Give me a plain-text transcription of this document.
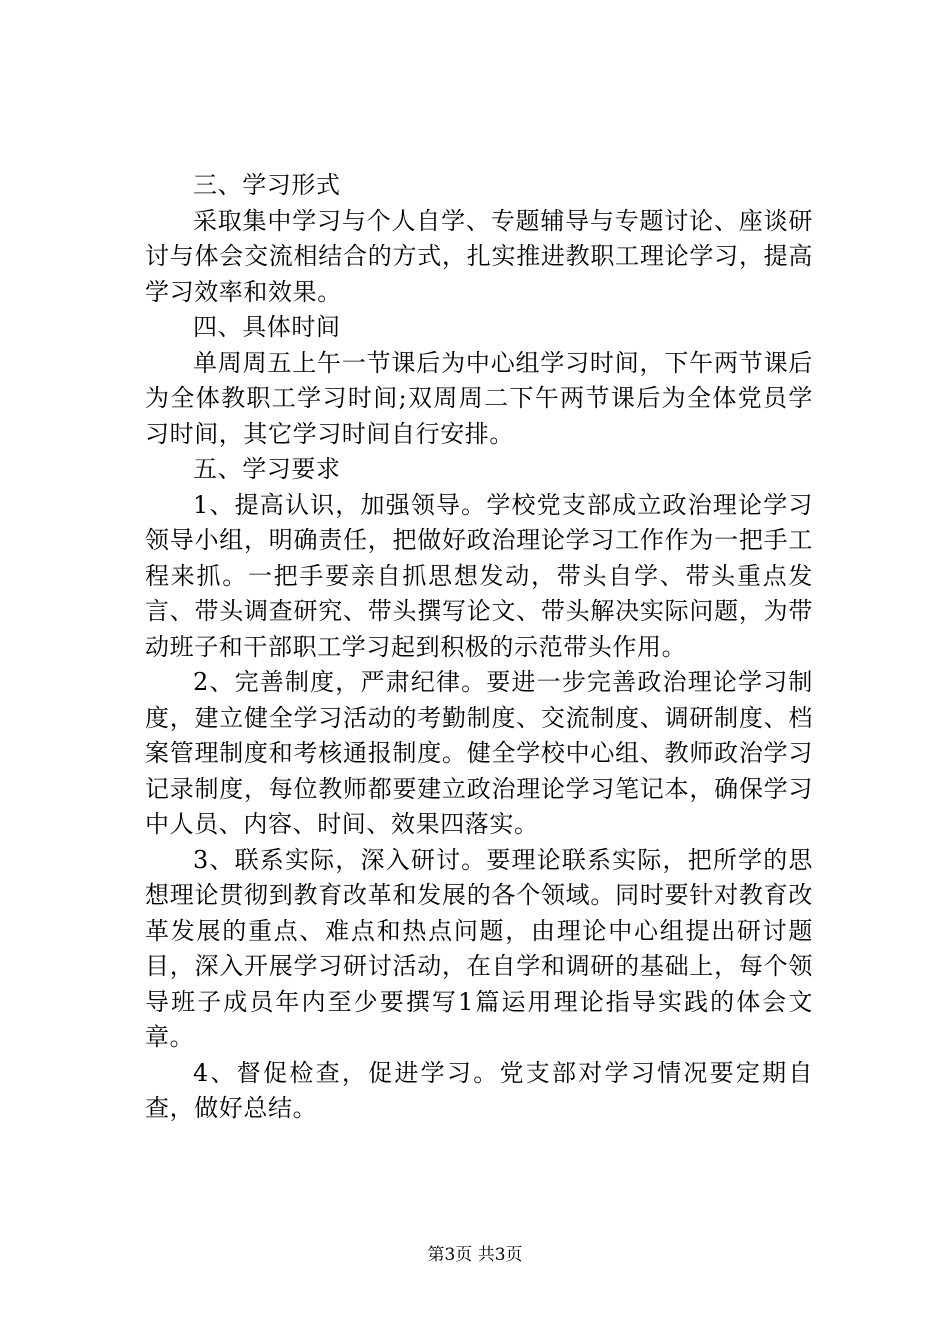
三、学习形式

采取集中学习与个人自学、专题辅导与专题讨论、座谈研讨与体会交流相结合的方式，扎实推进教职工理论学习，提高学习效率和效果。

四、具体时间

单周周五上午一节课后为中心组学习时间，下午两节课后为全体教职工学习时间;双周周二下午两节课后为全体党员学习时间，其它学习时间自行安排。

五、学习要求

1、提高认识，加强领导。学校党支部成立政治理论学习领导小组，明确责任，把做好政治理论学习工作作为一把手工程来抓。一把手要亲自抓思想发动，带头自学、带头重点发言、带头调查研究、带头撰写论文、带头解决实际问题，为带动班子和干部职工学习起到积极的示范带头作用。

2、完善制度，严肃纪律。要进一步完善政治理论学习制度，建立健全学习活动的考勤制度、交流制度、调研制度、档案管理制度和考核通报制度。健全学校中心组、教师政治学习记录制度，每位教师都要建立政治理论学习笔记本，确保学习中人员、内容、时间、效果四落实。

3、联系实际，深入研讨。要理论联系实际，把所学的思想理论贯彻到教育改革和发展的各个领域。同时要针对教育改革发展的重点、难点和热点问题，由理论中心组提出研讨题目，深入开展学习研讨活动，在自学和调研的基础上，每个领导班子成员年内至少要撰写1篇运用理论指导实践的体会文章。

4、督促检查，促进学习。党支部对学习情况要定期自查，做好总结。

第3页 共3页
